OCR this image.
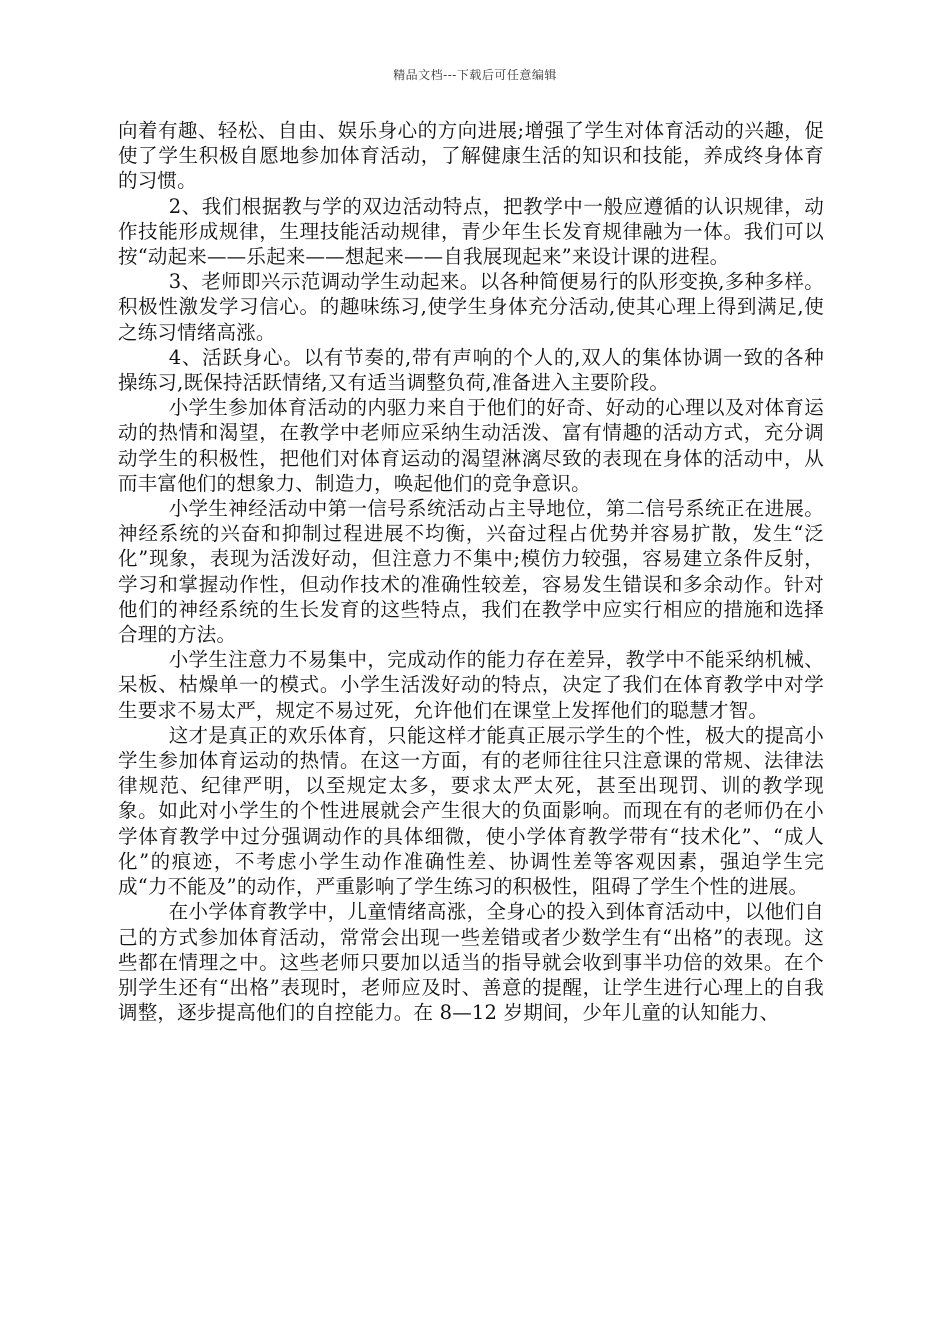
精品文档---下载后可任意编辑

向着有趣、轻松、自由、娱乐身心的方向进展;增强了学生对体育活动的兴趣，促使了学生积极自愿地参加体育活动，了解健康生活的知识和技能，养成终身体育的习惯。

2、我们根据教与学的双边活动特点，把教学中一般应遵循的认识规律，动作技能形成规律，生理技能活动规律，青少年生长发育规律融为一体。我们可以按“动起来——乐起来——想起来——自我展现起来”来设计课的进程。

3、老师即兴示范调动学生动起来。以各种简便易行的队形变换,多种多样。积极性激发学习信心。的趣味练习,使学生身体充分活动,使其心理上得到满足,使之练习情绪高涨。

4、活跃身心。以有节奏的,带有声响的个人的,双人的集体协调一致的各种操练习,既保持活跃情绪,又有适当调整负荷,准备进入主要阶段。

小学生参加体育活动的内驱力来自于他们的好奇、好动的心理以及对体育运动的热情和渴望，在教学中老师应采纳生动活泼、富有情趣的活动方式，充分调动学生的积极性，把他们对体育运动的渴望淋漓尽致的表现在身体的活动中，从而丰富他们的想象力、制造力，唤起他们的竞争意识。

小学生神经活动中第一信号系统活动占主导地位，第二信号系统正在进展。神经系统的兴奋和抑制过程进展不均衡，兴奋过程占优势并容易扩散，发生“泛化”现象，表现为活泼好动，但注意力不集中;模仿力较强，容易建立条件反射，学习和掌握动作性，但动作技术的准确性较差，容易发生错误和多余动作。针对他们的神经系统的生长发育的这些特点，我们在教学中应实行相应的措施和选择合理的方法。

小学生注意力不易集中，完成动作的能力存在差异，教学中不能采纳机械、呆板、枯燥单一的模式。小学生活泼好动的特点，决定了我们在体育教学中对学生要求不易太严，规定不易过死，允许他们在课堂上发挥他们的聪慧才智。

这才是真正的欢乐体育，只能这样才能真正展示学生的个性，极大的提高小学生参加体育运动的热情。在这一方面，有的老师往往只注意课的常规、法律法律规范、纪律严明，以至规定太多，要求太严太死，甚至出现罚、训的教学现象。如此对小学生的个性进展就会产生很大的负面影响。而现在有的老师仍在小学体育教学中过分强调动作的具体细微，使小学体育教学带有“技术化”、“成人化”的痕迹，不考虑小学生动作准确性差、协调性差等客观因素，强迫学生完成“力不能及”的动作，严重影响了学生练习的积极性，阻碍了学生个性的进展。

在小学体育教学中，儿童情绪高涨，全身心的投入到体育活动中，以他们自己的方式参加体育活动，常常会出现一些差错或者少数学生有“出格”的表现。这些都在情理之中。这些老师只要加以适当的指导就会收到事半功倍的效果。在个别学生还有“出格”表现时，老师应及时、善意的提醒，让学生进行心理上的自我调整，逐步提高他们的自控能力。在 8—12 岁期间，少年儿童的认知能力、
